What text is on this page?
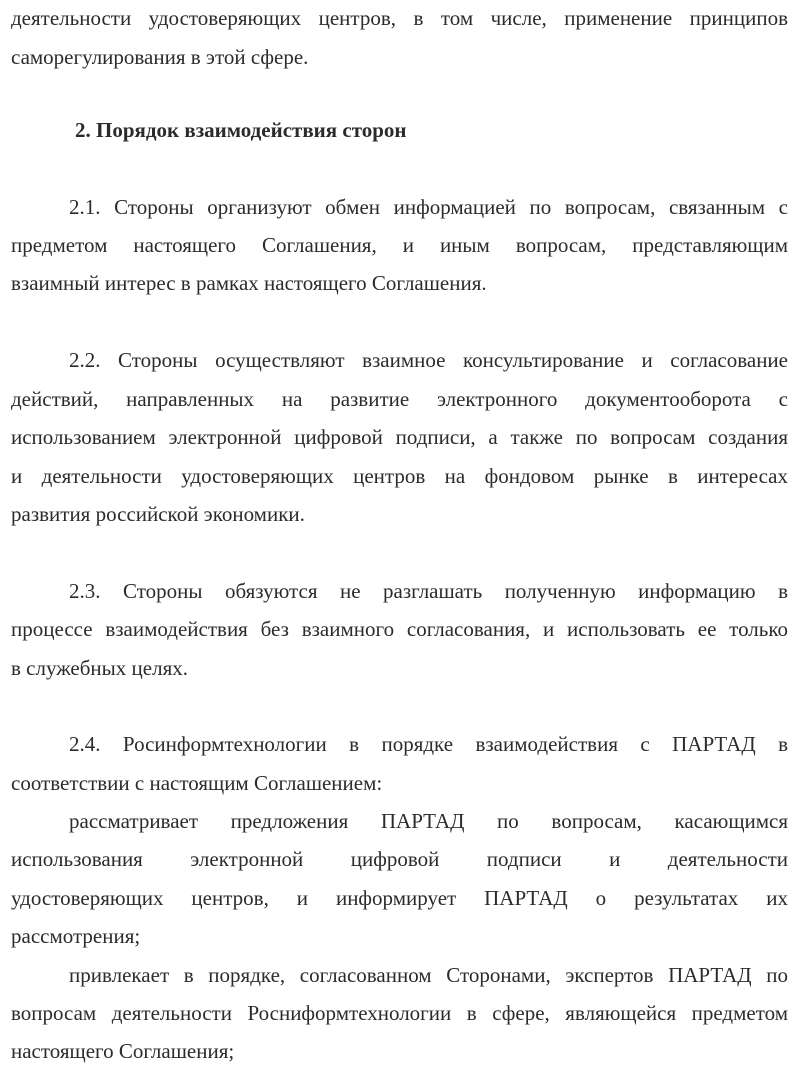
деятельности удостоверяющих центров, в том числе, применение принципов
саморегулирования в этой сфере.
2. Порядок взаимодействия сторон
2.1. Стороны организуют обмен информацией по вопросам, связанным с
предметом настоящего Соглашения, и иным вопросам, представляющим
взаимный интерес в рамках настоящего Соглашения.
2.2. Стороны осуществляют взаимное консультирование и согласование
действий, направленных на развитие электронного документооборота с
использованием электронной цифровой подписи, а также по вопросам создания
и деятельности удостоверяющих центров на фондовом рынке в интересах
развития российской экономики.
2.3. Стороны обязуются не разглашать полученную информацию в
процессе взаимодействия без взаимного согласования, и использовать ее только
в служебных целях.
2.4. Росинформтехнологии в порядке взаимодействия с ПАРТАД в
соответствии с настоящим Соглашением:
рассматривает предложения ПАРТАД по вопросам, касающимся
использования электронной цифровой подписи и деятельности
удостоверяющих центров, и информирует ПАРТАД о результатах их
рассмотрения;
привлекает в порядке, согласованном Сторонами, экспертов ПАРТАД по
вопросам деятельности Росниформтехнологии в сфере, являющейся предметом
настоящего Соглашения;
